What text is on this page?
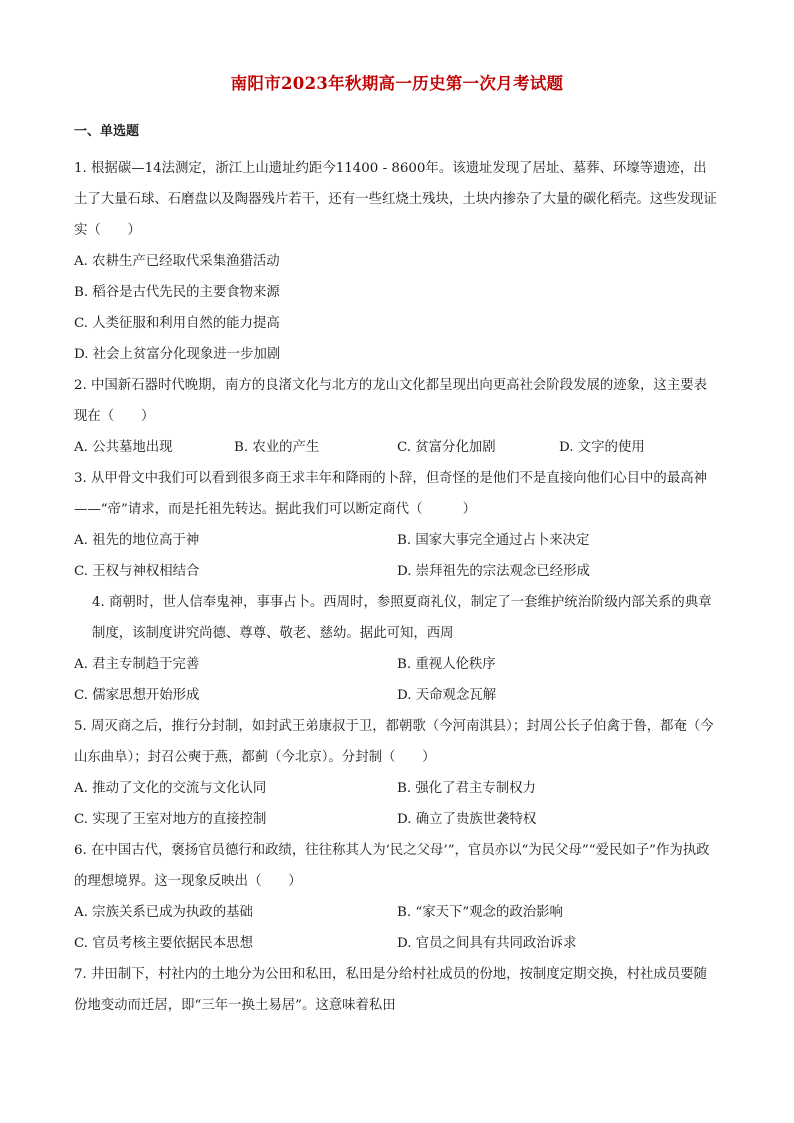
南阳市2023年秋期高一历史第一次月考试题
一、单选题

1. 根据碳—14法测定，浙江上山遗址约距今11400 - 8600年。该遗址发现了居址、墓葬、环壕等遗迹，出土了大量石球、石磨盘以及陶器残片若干，还有一些红烧土残块，土块内掺杂了大量的碳化稻壳。这些发现证实（　　）

A. 农耕生产已经取代采集渔猎活动
B. 稻谷是古代先民的主要食物来源
C. 人类征服和利用自然的能力提高
D. 社会上贫富分化现象进一步加剧

2. 中国新石器时代晚期，南方的良渚文化与北方的龙山文化都呈现出向更高社会阶段发展的迹象，这主要表现在（　　）

A. 公共墓地出现	B. 农业的产生	C. 贫富分化加剧	D. 文字的使用

3. 从甲骨文中我们可以看到很多商王求丰年和降雨的卜辞，但奇怪的是他们不是直接向他们心目中的最高神——“帝”请求，而是托祖先转达。据此我们可以断定商代（　　　）

A. 祖先的地位高于神	B. 国家大事完全通过占卜来决定
C. 王权与神权相结合	D. 崇拜祖先的宗法观念已经形成

4. 商朝时，世人信奉鬼神，事事占卜。西周时，参照夏商礼仪，制定了一套维护统治阶级内部关系的典章制度，该制度讲究尚德、尊尊、敬老、慈幼。据此可知，西周

A. 君主专制趋于完善	B. 重视人伦秩序
C. 儒家思想开始形成	D. 天命观念瓦解

5. 周灭商之后，推行分封制，如封武王弟康叔于卫，都朝歌（今河南淇县）；封周公长子伯禽于鲁，都奄（今山东曲阜）；封召公奭于燕，都蓟（今北京）。分封制（　　）

A. 推动了文化的交流与文化认同	B. 强化了君主专制权力
C. 实现了王室对地方的直接控制	D. 确立了贵族世袭特权

6. 在中国古代，褒扬官员德行和政绩，往往称其人为‘民之父母’”，官员亦以“为民父母”“爱民如子”作为执政的理想境界。这一现象反映出（　　）

A. 宗族关系已成为执政的基础	B. “家天下”观念的政治影响
C. 官员考核主要依据民本思想	D. 官员之间具有共同政治诉求

7. 井田制下，村社内的土地分为公田和私田，私田是分给村社成员的份地，按制度定期交换，村社成员要随份地变动而迁居，即“三年一换土易居”。这意味着私田
